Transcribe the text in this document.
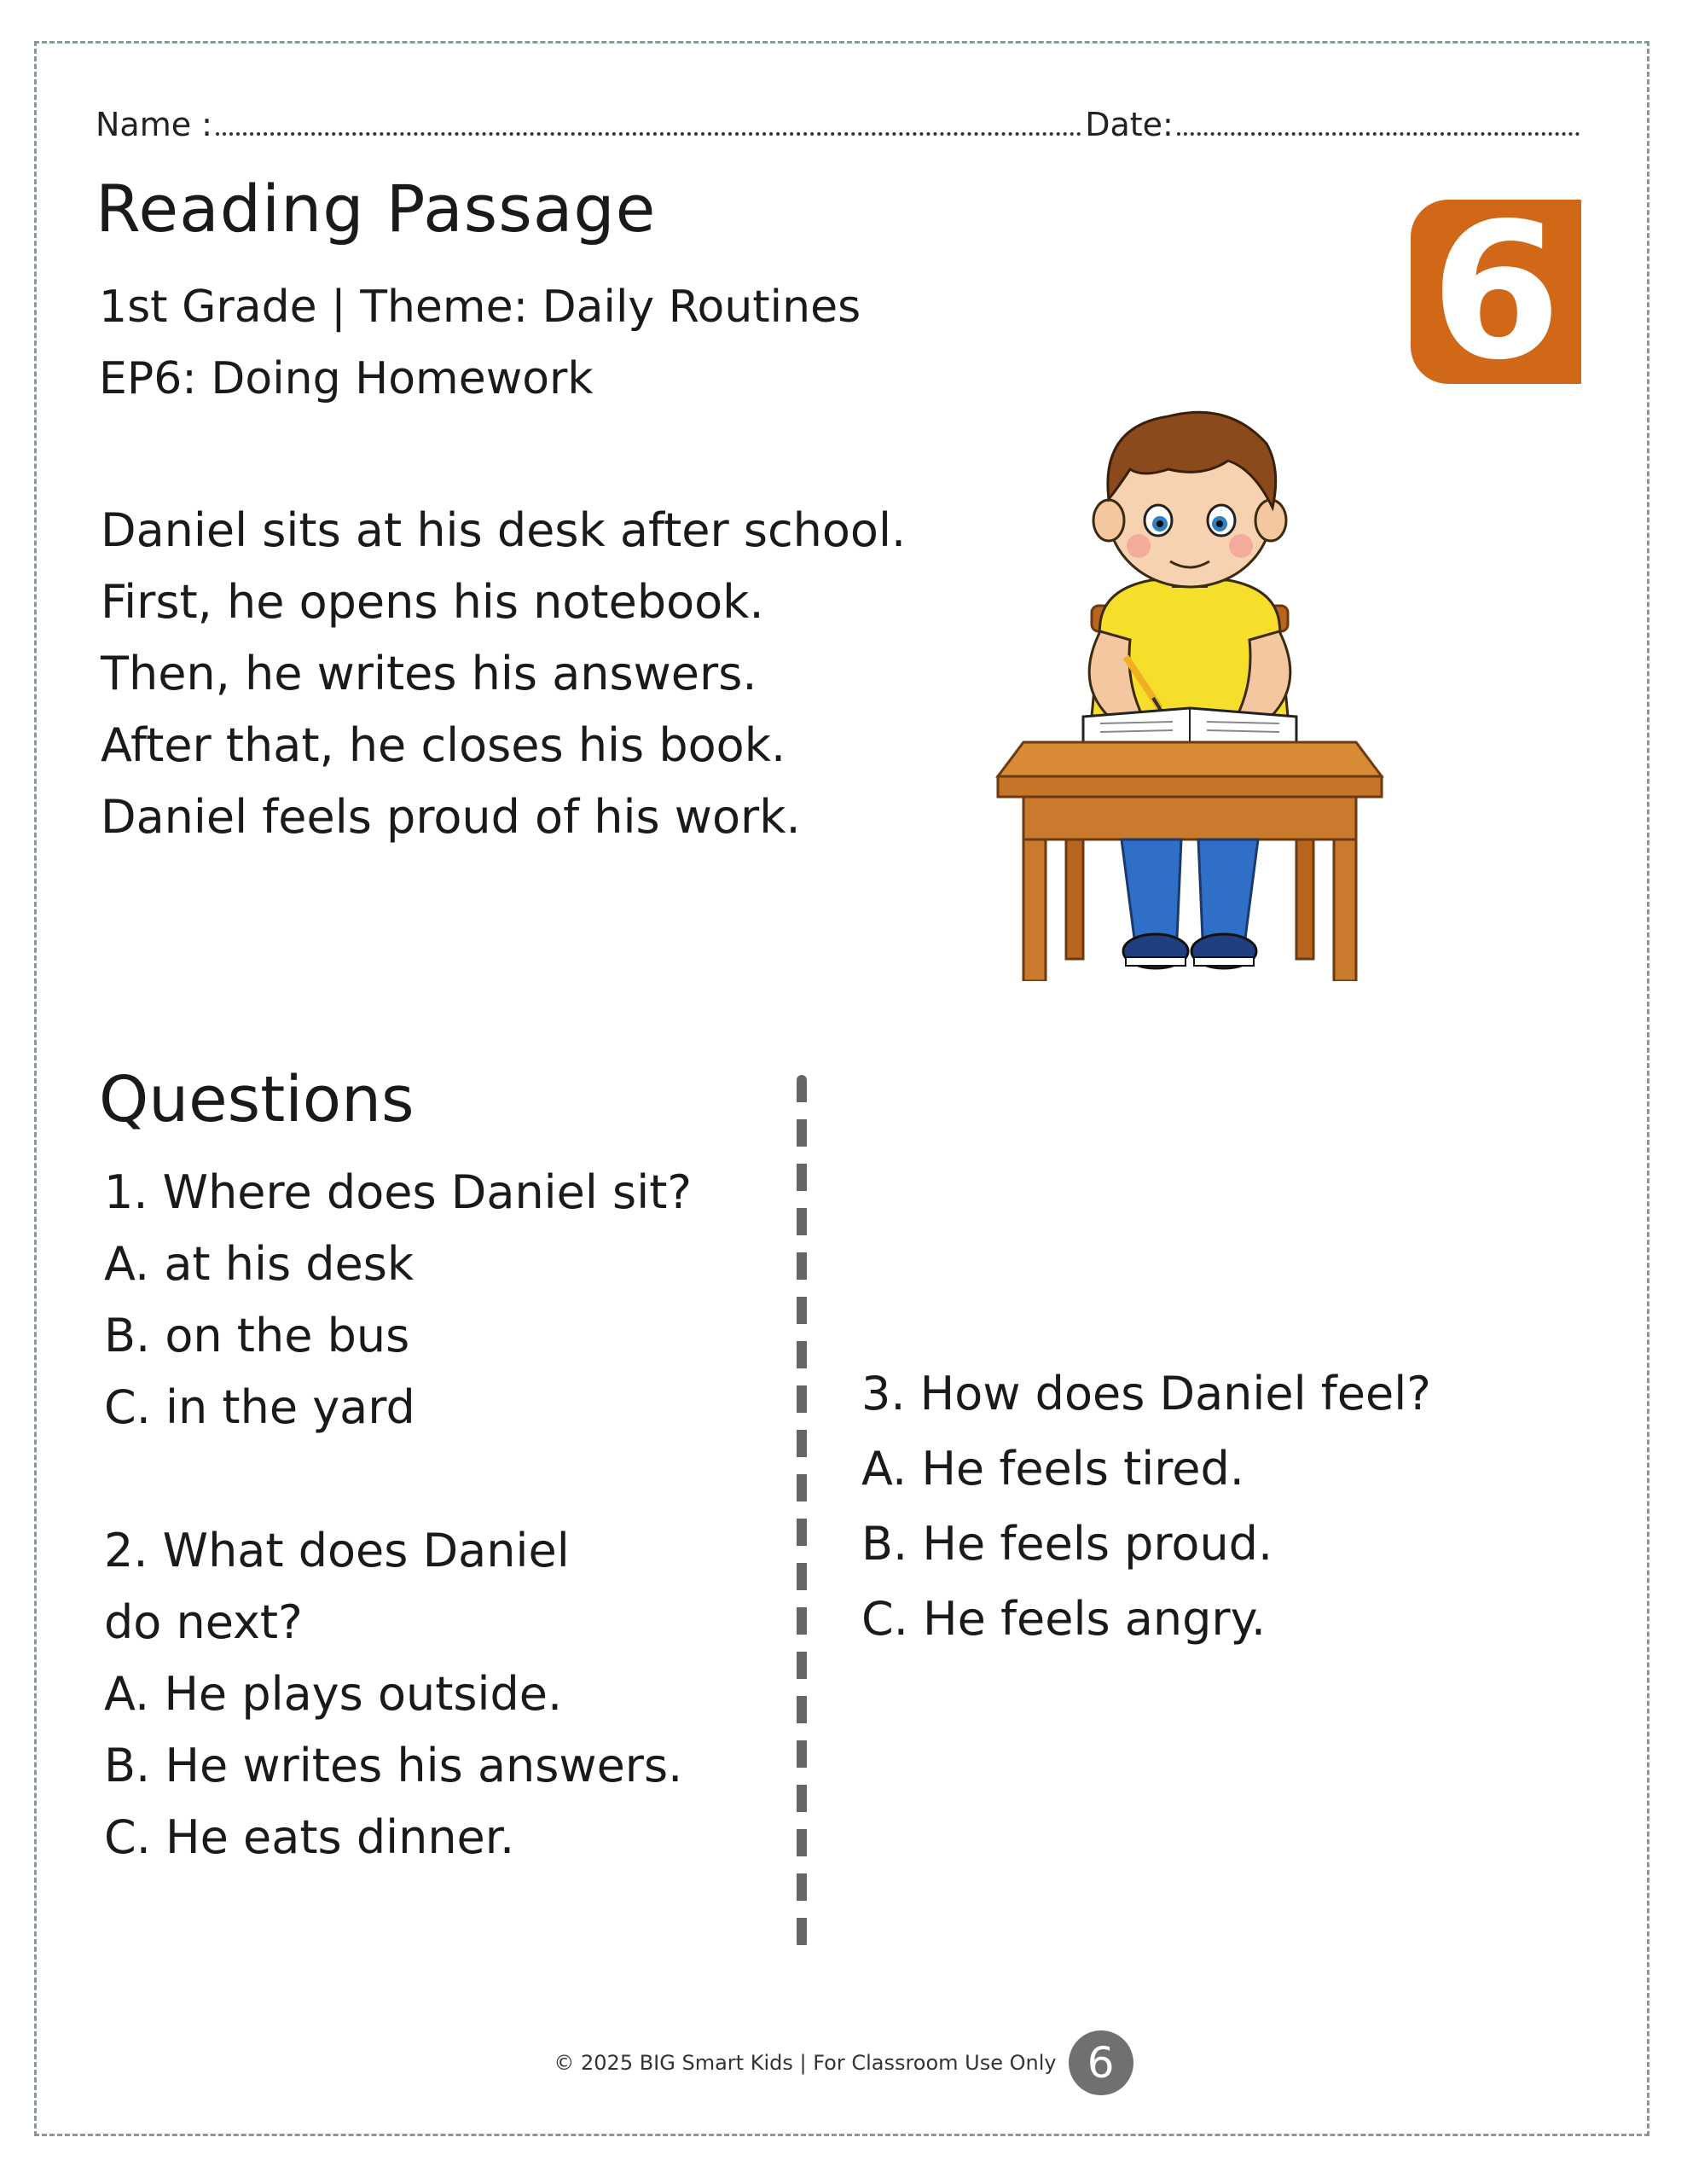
Name :	Date:
Reading Passage
1st Grade | Theme: Daily Routines
EP6: Doing Homework	6
Daniel sits at his desk after school.
First, he opens his notebook.
Then, he writes his answers.
After that, he closes his book.
Daniel feels proud of his work.
Questions
1. Where does Daniel sit?
A. at his desk
B. on the bus
C. in the yard
2. What does Daniel
do next?
A. He plays outside.
B. He writes his answers.
C. He eats dinner.
3. How does Daniel feel?
A. He feels tired.
B. He feels proud.
C. He feels angry.
© 2025 BIG Smart Kids | For Classroom Use Only 6
